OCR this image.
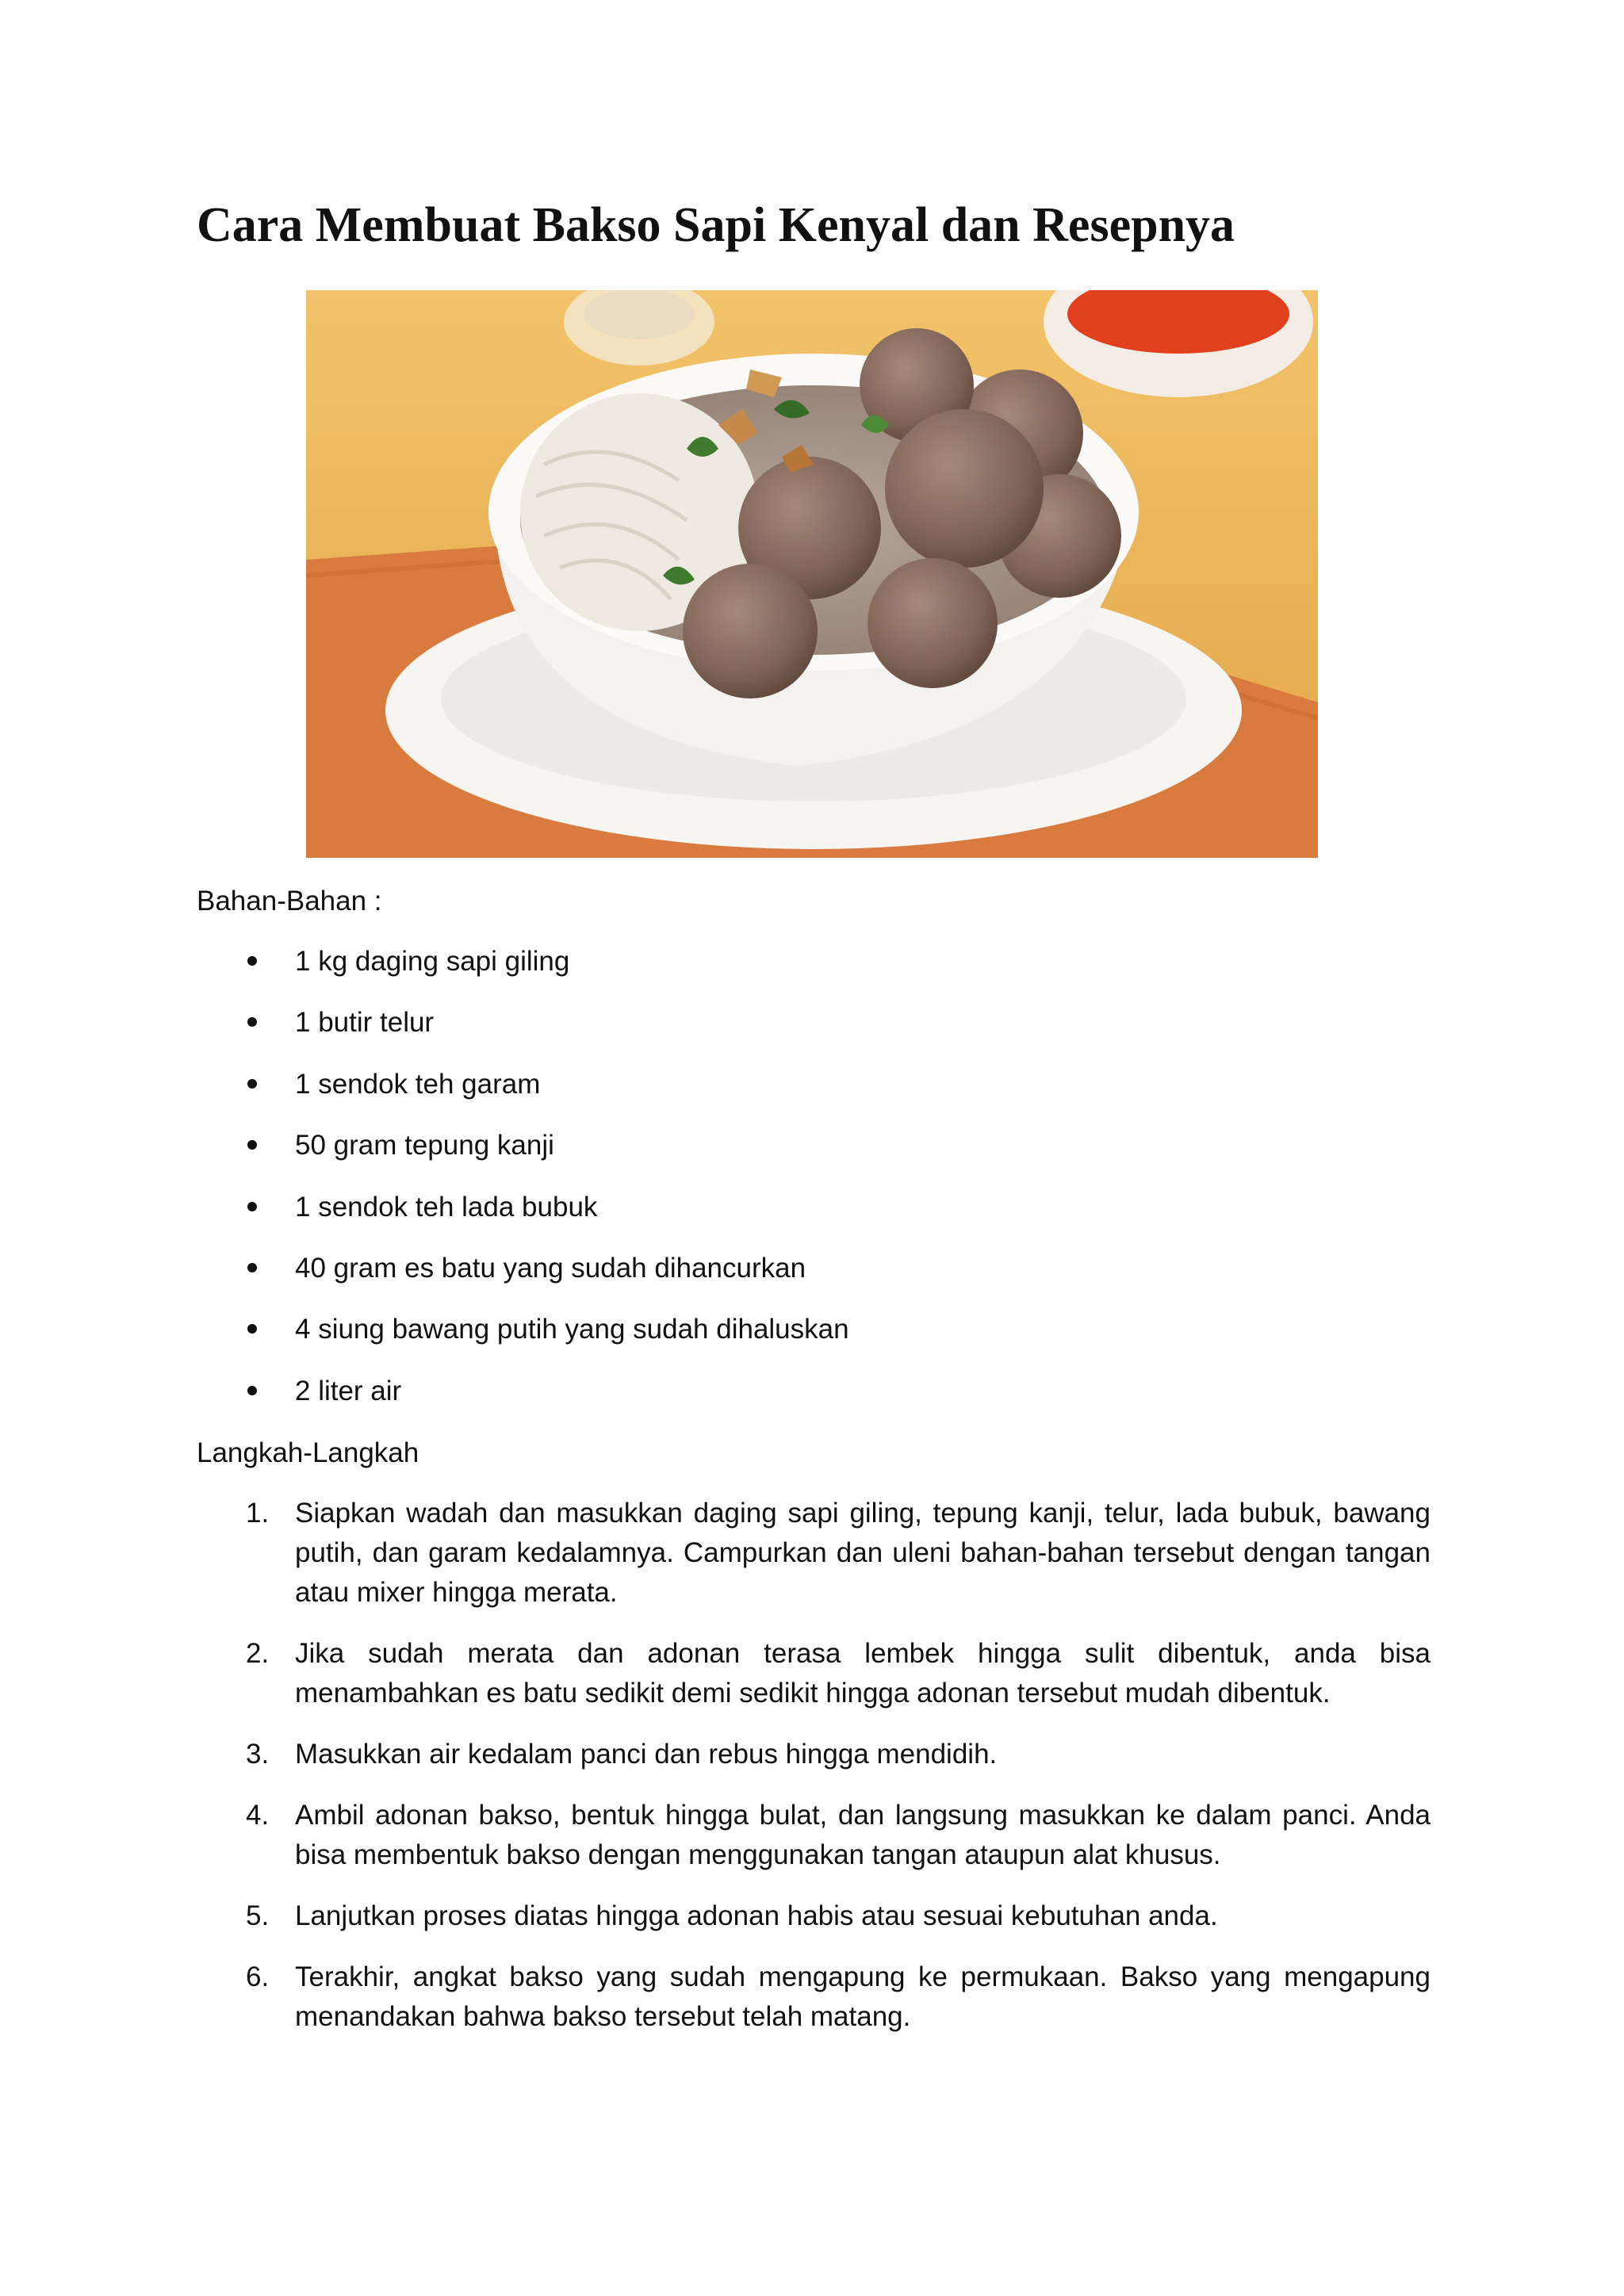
Cara Membuat Bakso Sapi Kenyal dan Resepnya
Bahan-Bahan :
1 kg daging sapi giling
1 butir telur
1 sendok teh garam
50 gram tepung kanji
1 sendok teh lada bubuk
40 gram es batu yang sudah dihancurkan
4 siung bawang putih yang sudah dihaluskan
2 liter air
Langkah-Langkah
1. Siapkan wadah dan masukkan daging sapi giling, tepung kanji, telur, lada bubuk, bawang putih, dan garam kedalamnya. Campurkan dan uleni bahan-bahan tersebut dengan tangan atau mixer hingga merata.
2. Jika sudah merata dan adonan terasa lembek hingga sulit dibentuk, anda bisa menambahkan es batu sedikit demi sedikit hingga adonan tersebut mudah dibentuk.
3. Masukkan air kedalam panci dan rebus hingga mendidih.
4. Ambil adonan bakso, bentuk hingga bulat, dan langsung masukkan ke dalam panci. Anda bisa membentuk bakso dengan menggunakan tangan ataupun alat khusus.
5. Lanjutkan proses diatas hingga adonan habis atau sesuai kebutuhan anda.
6. Terakhir, angkat bakso yang sudah mengapung ke permukaan. Bakso yang mengapung menandakan bahwa bakso tersebut telah matang.
